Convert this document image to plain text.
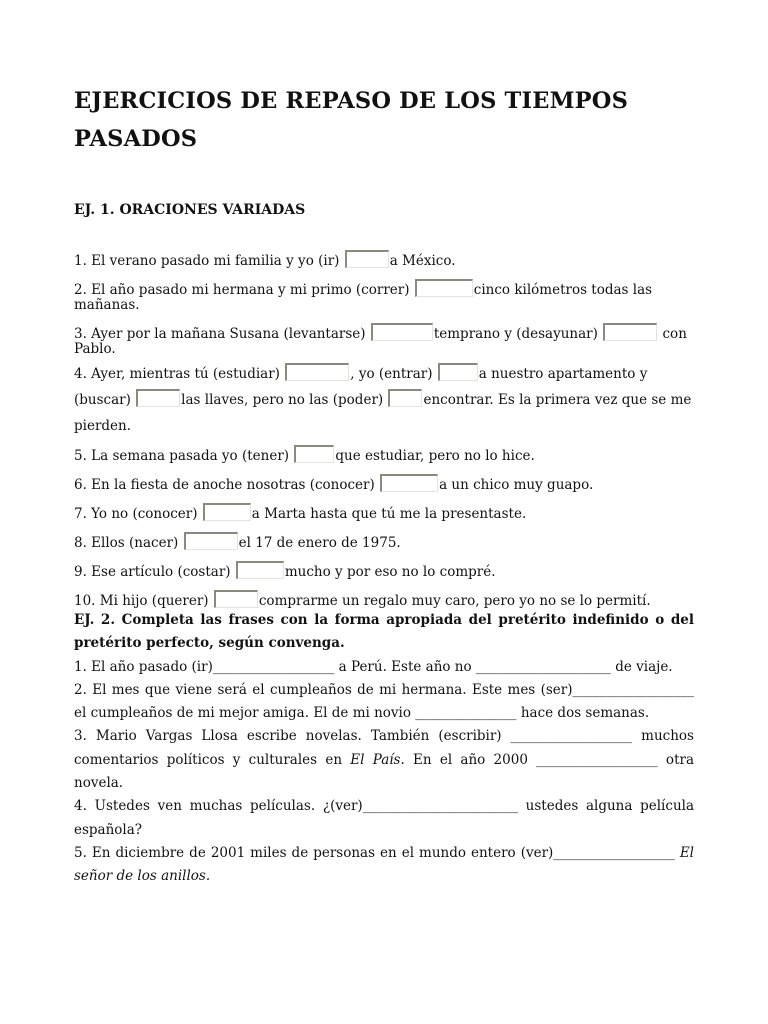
EJERCICIOS DE REPASO DE LOS TIEMPOS PASADOS
EJ. 1. ORACIONES VARIADAS
1. El verano pasado mi familia y yo (ir)	a México.
2. El año pasado mi hermana y mi primo (correr)	cinco kilómetros todas las mañanas.
3. Ayer por la mañana Susana (levantarse)	temprano y (desayunar)	con Pablo.
4. Ayer, mientras tú (estudiar)	, yo (entrar)	a nuestro apartamento y (buscar)	las llaves, pero no las (poder)	encontrar. Es la primera vez que se me pierden.
5. La semana pasada yo (tener)	que estudiar, pero no lo hice.
6. En la fiesta de anoche nosotras (conocer)	a un chico muy guapo.
7. Yo no (conocer)	a Marta hasta que tú me la presentaste.
8. Ellos (nacer)	el 17 de enero de 1975.
9. Ese artículo (costar)	mucho y por eso no lo compré.
10. Mi hijo (querer)	comprarme un regalo muy caro, pero yo no se lo permití.

EJ. 2. Completa las frases con la forma apropiada del pretérito indefinido o del pretérito perfecto, según convenga.

1. El año pasado (ir)__________________ a Perú. Este año no ____________________ de viaje.

2. El mes que viene será el cumpleaños de mi hermana. Este mes (ser)__________________ el cumpleaños de mi mejor amiga. El de mi novio _______________ hace dos semanas.

3. Mario Vargas Llosa escribe novelas. También (escribir) __________________ muchos comentarios políticos y culturales en El País. En el año 2000 __________________ otra novela.

4. Ustedes ven muchas películas. ¿(ver)_______________________ ustedes alguna película española?

5. En diciembre de 2001 miles de personas en el mundo entero (ver)__________________ El señor de los anillos.
